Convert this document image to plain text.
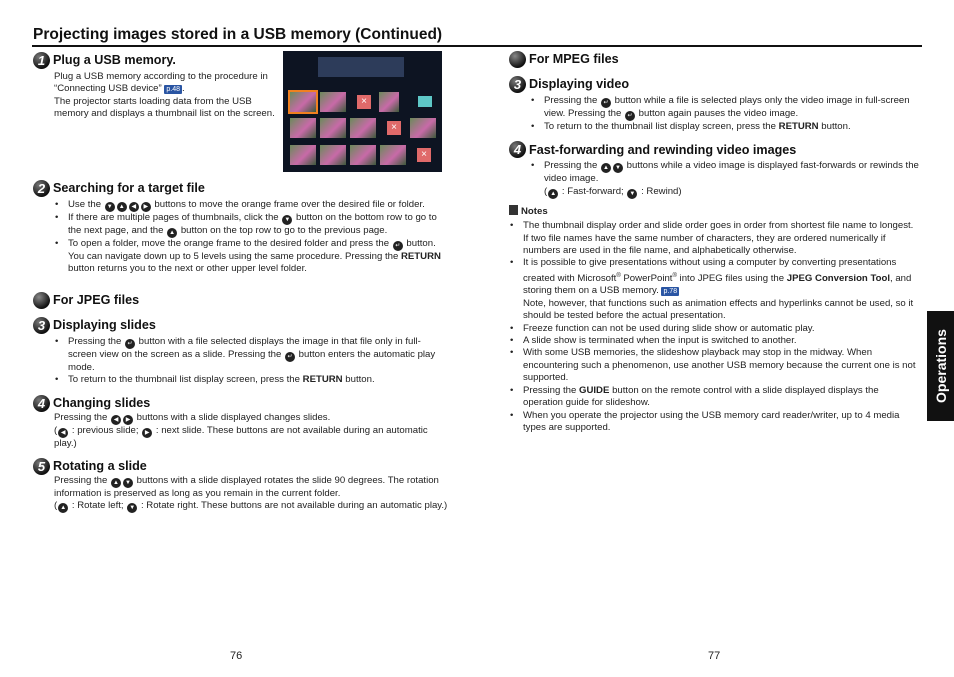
Projecting images stored in a USB memory (Continued)
1 Plug a USB memory.
Plug a USB memory according to the procedure in “Connecting USB device” p.48 .
The projector starts loading data from the USB memory and displays a thumbnail list on the screen.
×
×
×
2 Searching for a target file
• Use the ▼ ▲ ◀ ▶ buttons to move the orange frame over the desired file or folder.
• If there are multiple pages of thumbnails, click the ▼ button on the bottom row to go to the next page, and the ▲ button on the top row to go to the previous page.
• To open a folder, move the orange frame to the desired folder and press the ↵ button. You can navigate down up to 5 levels using the same procedure. Pressing the RETURN button returns you to the next or other upper level folder.
For JPEG files
3 Displaying slides
• Pressing the ↵ button with a file selected displays the image in that file only in full-screen view on the screen as a slide. Pressing the ↵ button enters the automatic play mode.
• To return to the thumbnail list display screen, press the RETURN button.
4 Changing slides
Pressing the ◀ ▶ buttons with a slide displayed changes slides.
( ◀ : previous slide; ▶ : next slide. These buttons are not available during an automatic play.)
5 Rotating a slide
Pressing the ▲ ▼ buttons with a slide displayed rotates the slide 90 degrees. The rotation information is preserved as long as you remain in the current folder.
( ▲ : Rotate left; ▼ : Rotate right. These buttons are not available during an automatic play.)
For MPEG files
3 Displaying video
• Pressing the ↵ button while a file is selected plays only the video image in full-screen view. Pressing the ↵ button again pauses the video image.
• To return to the thumbnail list display screen, press the RETURN button.
4 Fast-forwarding and rewinding video images
• Pressing the ▲ ▼ buttons while a video image is displayed fast-forwards or rewinds the video image.
( ▲ : Fast-forward; ▼ : Rewind)
Notes
• The thumbnail display order and slide order goes in order from shortest file name to longest. If two file names have the same number of characters, they are ordered numerically if numbers are used in the file name, and alphabetically otherwise.
• It is possible to give presentations without using a computer by converting presentations created with Microsoft® PowerPoint® into JPEG files using the JPEG Conversion Tool, and storing them on a USB memory. p.78
Note, however, that functions such as animation effects and hyperlinks cannot be used, so it should be tested before the actual presentation.
• Freeze function can not be used during slide show or automatic play.
• A slide show is terminated when the input is switched to another.
• With some USB memories, the slideshow playback may stop in the midway. When encountering such a phenomenon, use another USB memory because the current one is not supported.
• Pressing the GUIDE button on the remote control with a slide displayed displays the operation guide for slideshow.
• When you operate the projector using the USB memory card reader/writer, up to 4 media types are supported.
Operations
76	77
